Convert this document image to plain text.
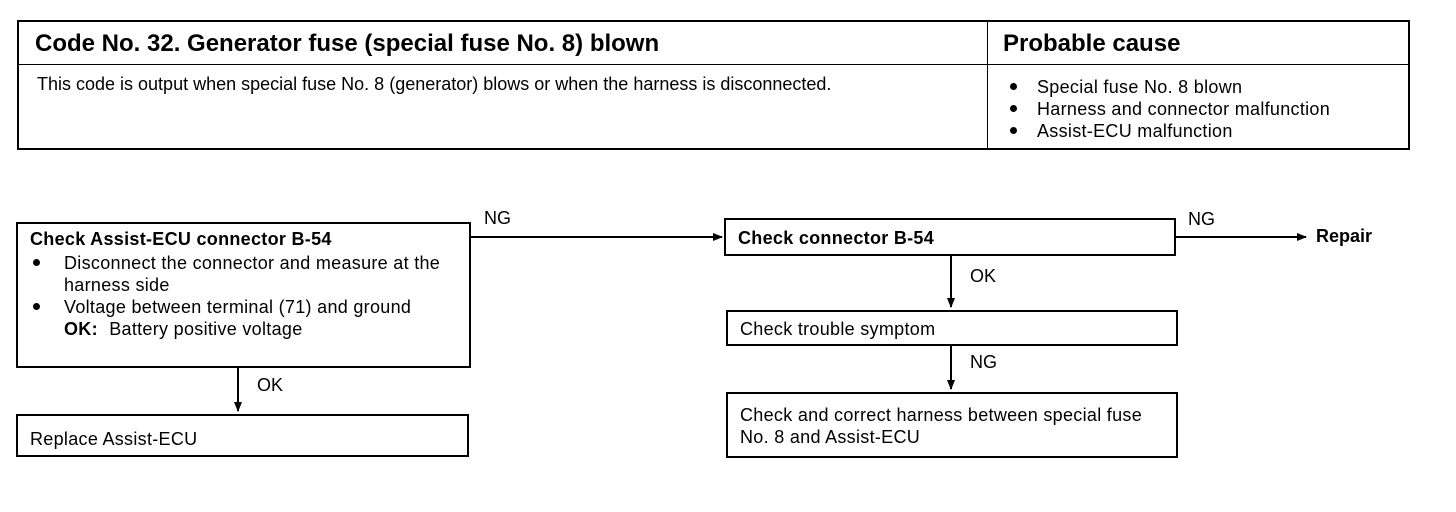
Code No. 32. Generator fuse (special fuse No. 8) blown	Probable cause
This code is output when special fuse No. 8 (generator) blows or when the harness is disconnected.	Special fuse No. 8 blown
Harness and connector malfunction
Assist-ECU malfunction
Check Assist-ECU connector B-54
Disconnect the connector and measure at the harness side
Voltage between terminal (71) and ground
OK: Battery positive voltage
Replace Assist-ECU
Check connector B-54
Check trouble symptom
Check and correct harness between special fuse No. 8 and Assist-ECU
NG	NG
Repair
OK
OK
NG
